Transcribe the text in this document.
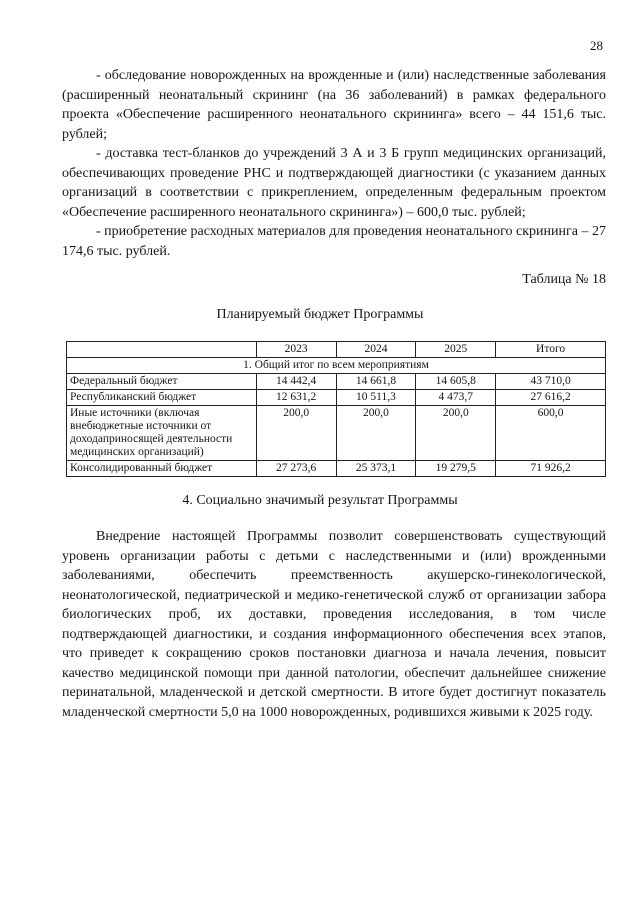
28

- обследование новорожденных на врожденные и (или) наследственные заболевания (расширенный неонатальный скрининг (на 36 заболеваний) в рамках федерального проекта «Обеспечение расширенного неонатального скрининга» всего – 44 151,6 тыс. рублей;

- доставка тест-бланков до учреждений 3 А и 3 Б групп медицинских организаций, обеспечивающих проведение РНС и подтверждающей диагностики (с указанием данных организаций в соответствии с прикреплением, определенным федеральным проектом «Обеспечение расширенного неонатального скрининга») – 600,0 тыс. рублей;

- приобретение расходных материалов для проведения неонатального скрининга – 27 174,6 тыс. рублей.

Таблица № 18
Планируемый бюджет Программы
	2023	2024	2025	Итого
1. Общий итог по всем мероприятиям				
Федеральный бюджет	14 442,4	14 661,8	14 605,8	43 710,0
Республиканский бюджет	12 631,2	10 511,3	4 473,7	27 616,2
Иные источники (включая внебюджетные источники от доходаприносящей деятельности медицинских организаций)	200,0	200,0	200,0	600,0
Консолидированный бюджет	27 273,6	25 373,1	19 279,5	71 926,2
4. Социально значимый результат Программы

Внедрение настоящей Программы позволит совершенствовать существующий уровень организации работы с детьми с наследственными и (или) врожденными заболеваниями, обеспечить преемственность акушерско-гинекологической, неонатологической, педиатрической и медико-генетической служб от организации забора биологических проб, их доставки, проведения исследования, в том числе подтверждающей диагностики, и создания информационного обеспечения всех этапов, что приведет к сокращению сроков постановки диагноза и начала лечения, повысит качество медицинской помощи при данной патологии, обеспечит дальнейшее снижение перинатальной, младенческой и детской смертности. В итоге будет достигнут показатель младенческой смертности 5,0 на 1000 новорожденных, родившихся живыми к 2025 году.
